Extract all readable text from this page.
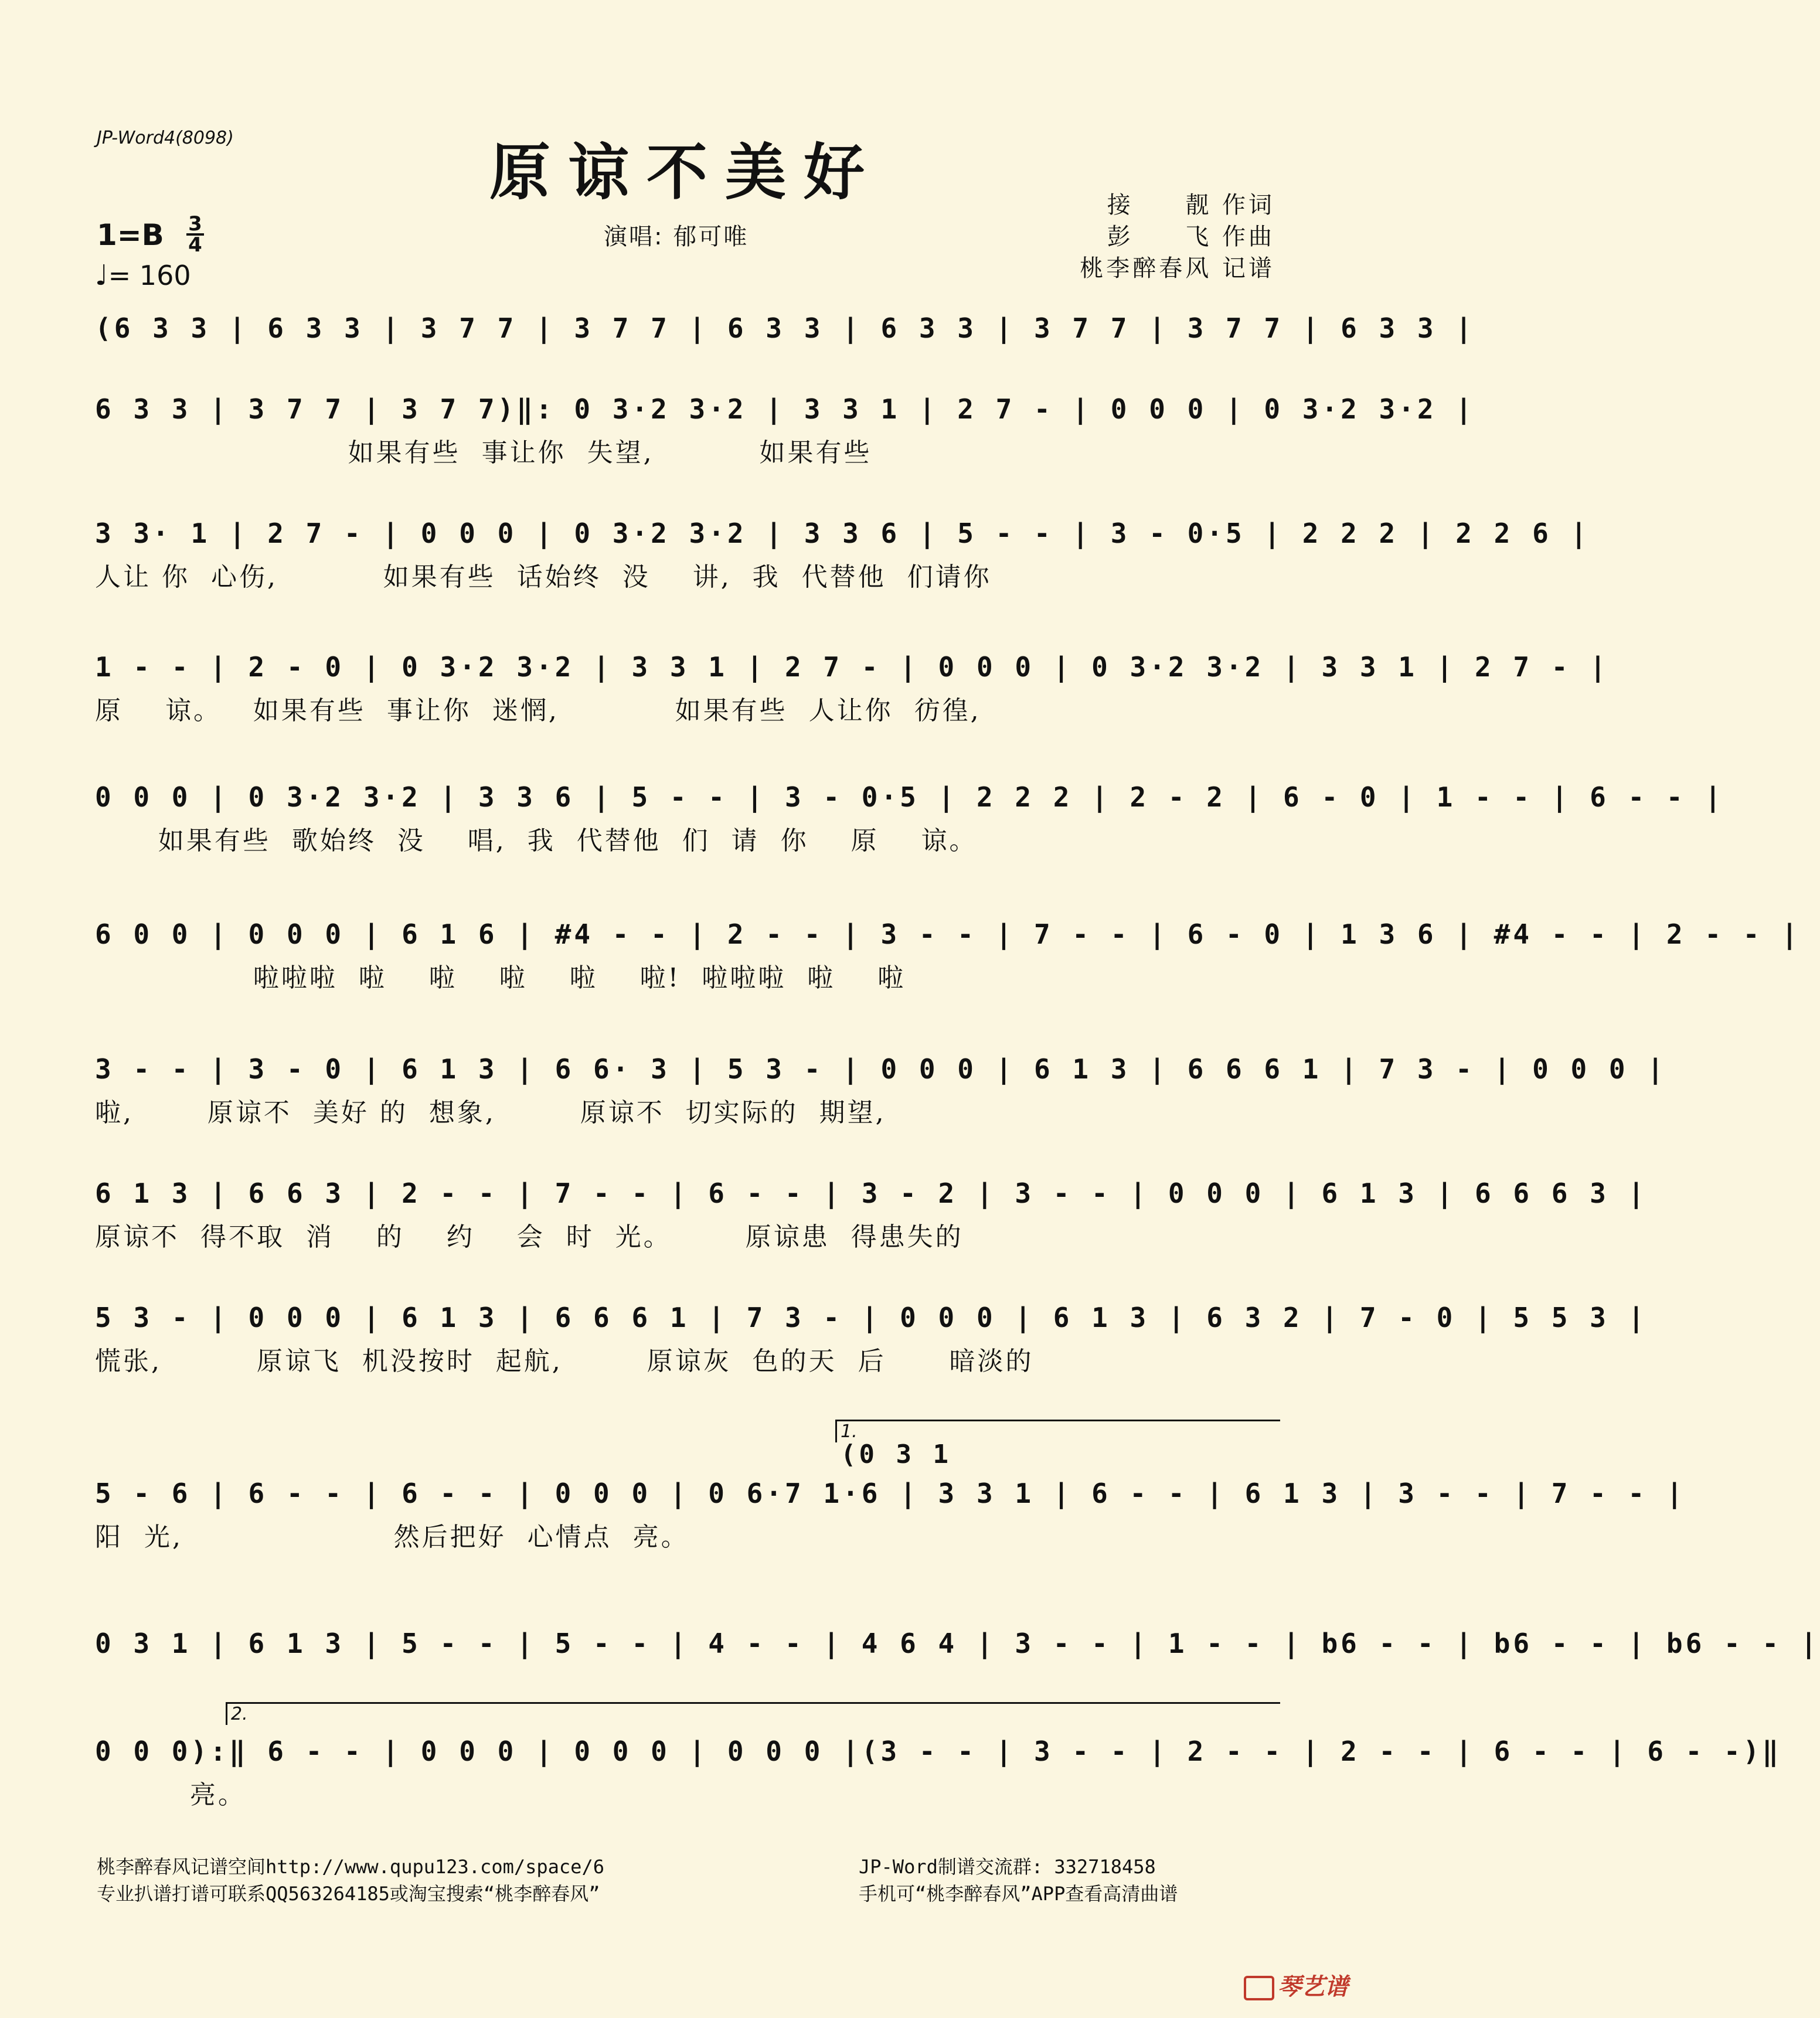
JP-Word4(8098)	原谅不美好
1=B 3
4
♩= 160
演唱: 郁可唯
接     靓 作词
彭     飞 作曲
桃李醉春风 记谱
(6 3 3 | 6 3 3 | 3 7 7 | 3 7 7 | 6 3 3 | 6 3 3 | 3 7 7 | 3 7 7 | 6 3 3 |
6 3 3 | 3 7 7 | 3 7 7)‖: 0 3·2 3·2 | 3 3 1 | 2 7 - | 0 0 0 | 0 3·2 3·2 |
如果有些  事让你  失望,          如果有些
3 3· 1 | 2 7 - | 0 0 0 | 0 3·2 3·2 | 3 3 6 | 5 - - | 3 - 0·5 | 2 2 2 | 2 2 6 |
人让 你  心伤,          如果有些  话始终  没    讲,  我  代替他  们请你
1 - - | 2 - 0 | 0 3·2 3·2 | 3 3 1 | 2 7 - | 0 0 0 | 0 3·2 3·2 | 3 3 1 | 2 7 - |
原    谅。   如果有些  事让你  迷惘,           如果有些  人让你  彷徨,
0 0 0 | 0 3·2 3·2 | 3 3 6 | 5 - - | 3 - 0·5 | 2 2 2 | 2 - 2 | 6 - 0 | 1 - - | 6 - - |
如果有些  歌始终  没    唱,  我  代替他  们  请  你    原    谅。
6 0 0 | 0 0 0 | 6 1 6 | #4 - - | 2 - - | 3 - - | 7 - - | 6 - 0 | 1 3 6 | #4 - - | 2 - - |
啦啦啦  啦    啦    啦    啦    啦!  啦啦啦  啦    啦
3 - - | 3 - 0 | 6 1 3 | 6 6· 3 | 5 3 - | 0 0 0 | 6 1 3 | 6 6 6 1 | 7 3 - | 0 0 0 |
啦,       原谅不  美好 的  想象,        原谅不  切实际的  期望,
6 1 3 | 6 6 3 | 2 - - | 7 - - | 6 - - | 3 - 2 | 3 - - | 0 0 0 | 6 1 3 | 6 6 6 3 |
原谅不  得不取  消    的    约    会  时  光。       原谅患  得患失的
5 3 - | 0 0 0 | 6 1 3 | 6 6 6 1 | 7 3 - | 0 0 0 | 6 1 3 | 6 3 2 | 7 - 0 | 5 5 3 |
慌张,         原谅飞  机没按时  起航,        原谅灰  色的天  后      暗淡的
1.
(0 3 1
5 - 6 | 6 - - | 6 - - | 0 0 0 | 0 6·7 1·6 | 3 3 1 | 6 - - | 6 1 3 | 3 - - | 7 - - |
阳  光,                    然后把好  心情点  亮。
0 3 1 | 6 1 3 | 5 - - | 5 - - | 4 - - | 4 6 4 | 3 - - | 1 - - | b6 - - | b6 - - | b6 - - |
2.
0 0 0):‖ 6 - - | 0 0 0 | 0 0 0 | 0 0 0 |(3 - - | 3 - - | 2 - - | 2 - - | 6 - - | 6 - -)‖
亮。
桃李醉春风记谱空间http://www.qupu123.com/space/6
专业扒谱打谱可联系QQ563264185或淘宝搜索“桃李醉春风”
JP-Word制谱交流群: 332718458
手机可“桃李醉春风”APP查看高清曲谱
琴艺谱
